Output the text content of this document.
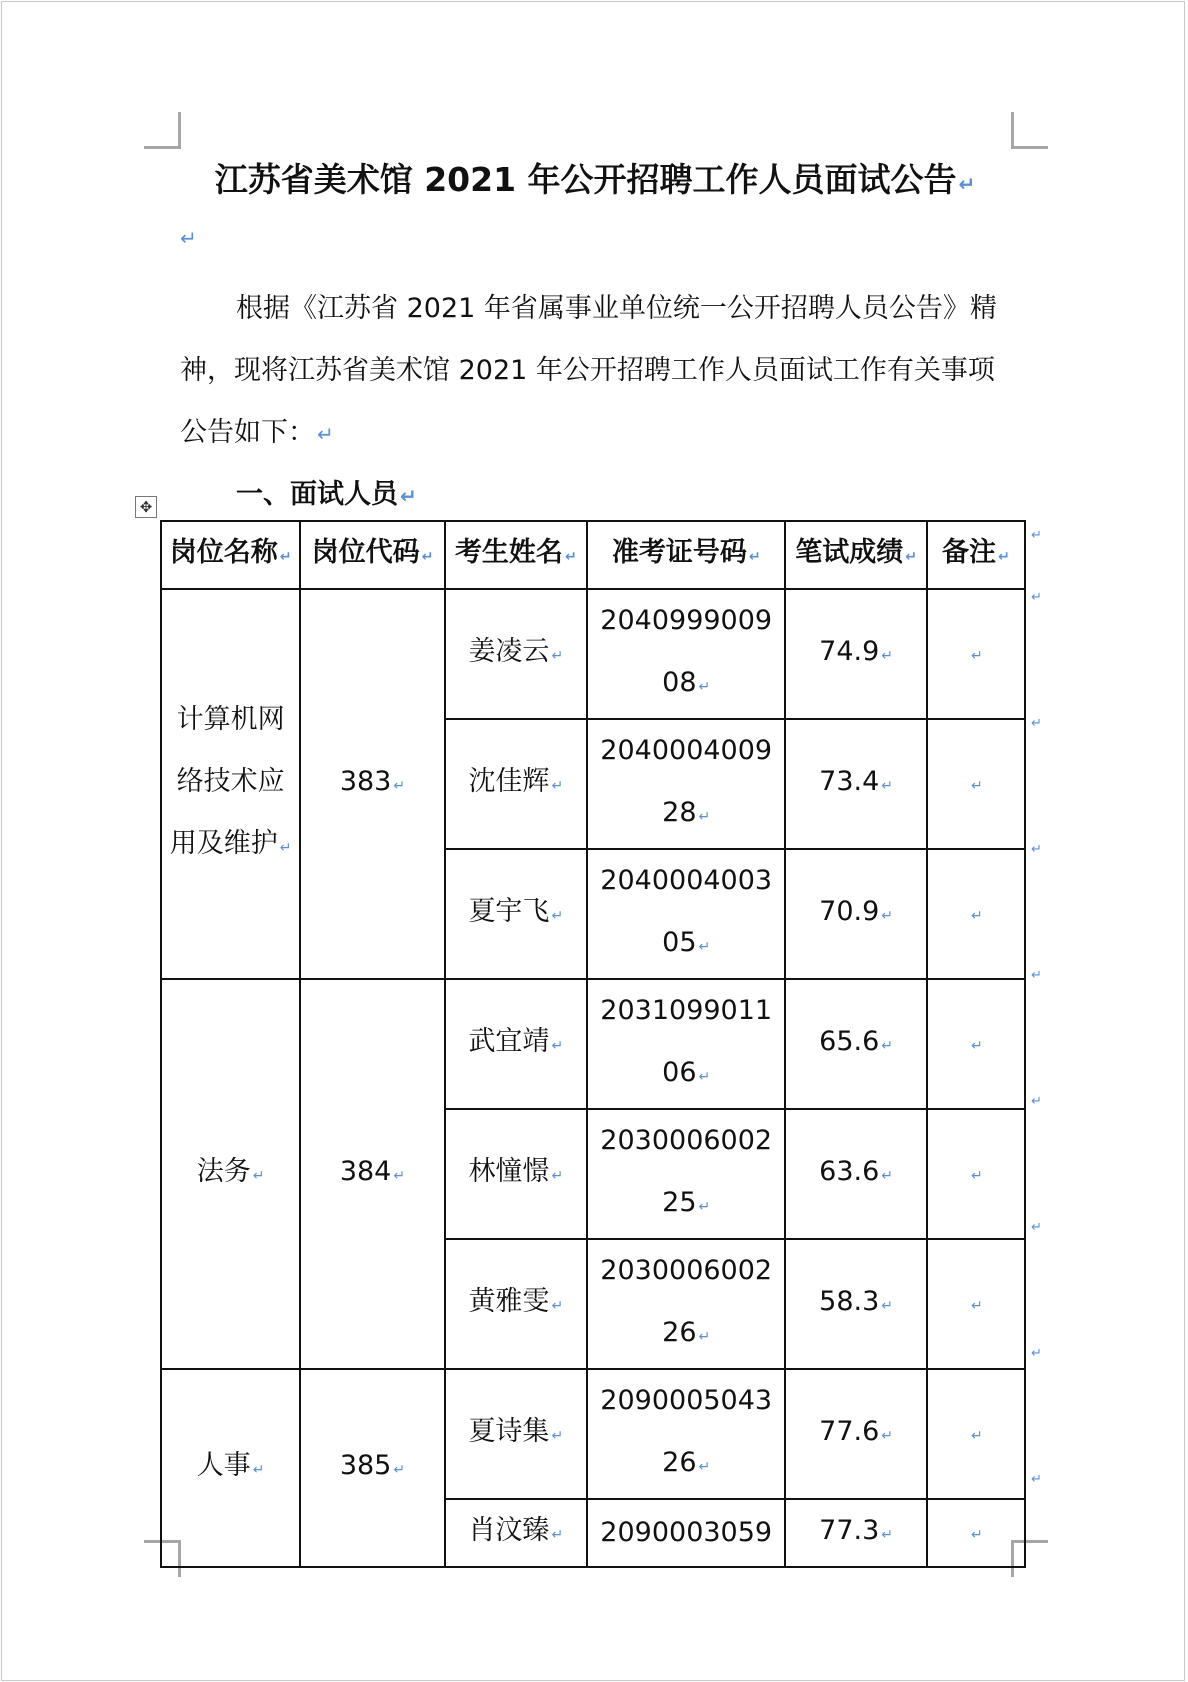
江苏省美术馆 2021 年公开招聘工作人员面试公告 ↵
↵
根据《江苏省 2021 年省属事业单位统一公开招聘人员公告》精
神，现将江苏省美术馆 2021 年公开招聘工作人员面试工作有关事项
公告如下： ↵
一、面试人员 ↵
✥
岗位名称 ↵	岗位代码 ↵	考生姓名 ↵	准考证号码 ↵	笔试成绩 ↵	备注 ↵

计算机网
络技术应
用及维护 ↵	383 ↵	姜凌云 ↵	2040999009
08 ↵	74.9 ↵	↵
		沈佳辉 ↵	2040004009
28 ↵	73.4 ↵	↵
		夏宇飞 ↵	2040004003
05 ↵	70.9 ↵	↵
法务 ↵	384 ↵	武宜靖 ↵	2031099011
06 ↵	65.6 ↵	↵
		林憧憬 ↵	2030006002
25 ↵	63.6 ↵	↵
		黄雅雯 ↵	2030006002
26 ↵	58.3 ↵	↵
人事 ↵	385 ↵	夏诗集 ↵	2090005043
26 ↵	77.6 ↵	↵
		肖汶臻 ↵	2090003059	77.3 ↵	↵
↵
↵
↵
↵
↵
↵
↵
↵
↵
